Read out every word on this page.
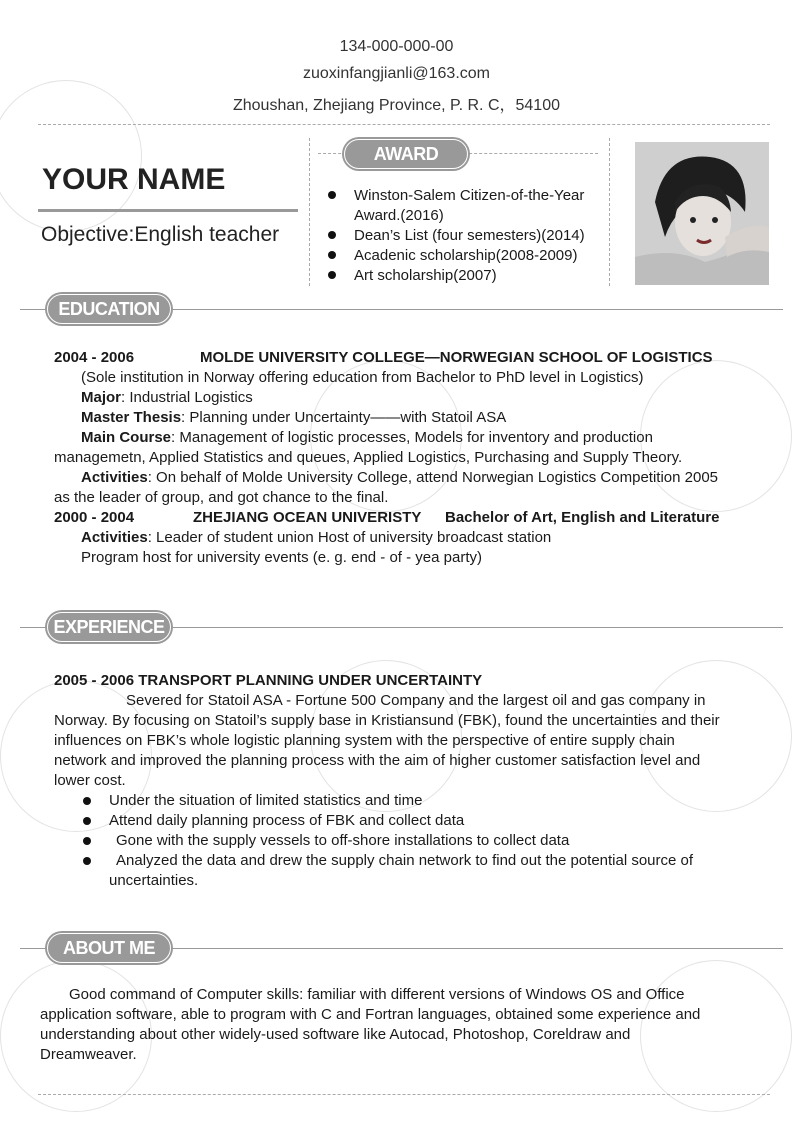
134-000-000-00
zuoxinfangjianli@163.com
Zhoushan, Zhejiang Province, P. R. C，54100
YOUR NAME
Objective:English teacher
AWARD
Winston-Salem Citizen-of-the-Year
Award.(2016)
Dean’s List (four semesters)(2014)
Acadenic scholarship(2008-2009)
Art scholarship(2007)
EDUCATION
2004 - 2006	MOLDE UNIVERSITY COLLEGE—NORWEGIAN SCHOOL OF LOGISTICS
(Sole institution in Norway offering education from Bachelor to PhD level in Logistics)
Major: Industrial Logistics
Master Thesis: Planning under Uncertainty——with Statoil ASA
Main Course: Management of logistic processes, Models for inventory and production
managemetn, Applied Statistics and queues, Applied Logistics, Purchasing and Supply Theory.
Activities: On behalf of Molde University College, attend Norwegian Logistics Competition 2005
as the leader of group, and got chance to the final.
2000 - 2004	ZHEJIANG OCEAN UNIVERISTY Bachelor of Art, English and Literature
Activities: Leader of student union Host of university broadcast station
Program host for university events (e. g. end - of - yea party)
EXPERIENCE
2005 - 2006 TRANSPORT PLANNING UNDER UNCERTAINTY
Severed for Statoil ASA - Fortune 500 Company and the largest oil and gas company in
Norway. By focusing on Statoil’s supply base in Kristiansund (FBK), found the uncertainties and their
influences on FBK’s whole logistic planning system with the perspective of entire supply chain
network and improved the planning process with the aim of higher customer satisfaction level and
lower cost.
Under the situation of limited statistics and time
Attend daily planning process of FBK and collect data
Gone with the supply vessels to off-shore installations to collect data
Analyzed the data and drew the supply chain network to find out the potential source of
uncertainties.
ABOUT ME
Good command of Computer skills: familiar with different versions of Windows OS and Office
application software, able to program with C and Fortran languages, obtained some experience and
understanding about other widely-used software like Autocad, Photoshop, Coreldraw and
Dreamweaver.
